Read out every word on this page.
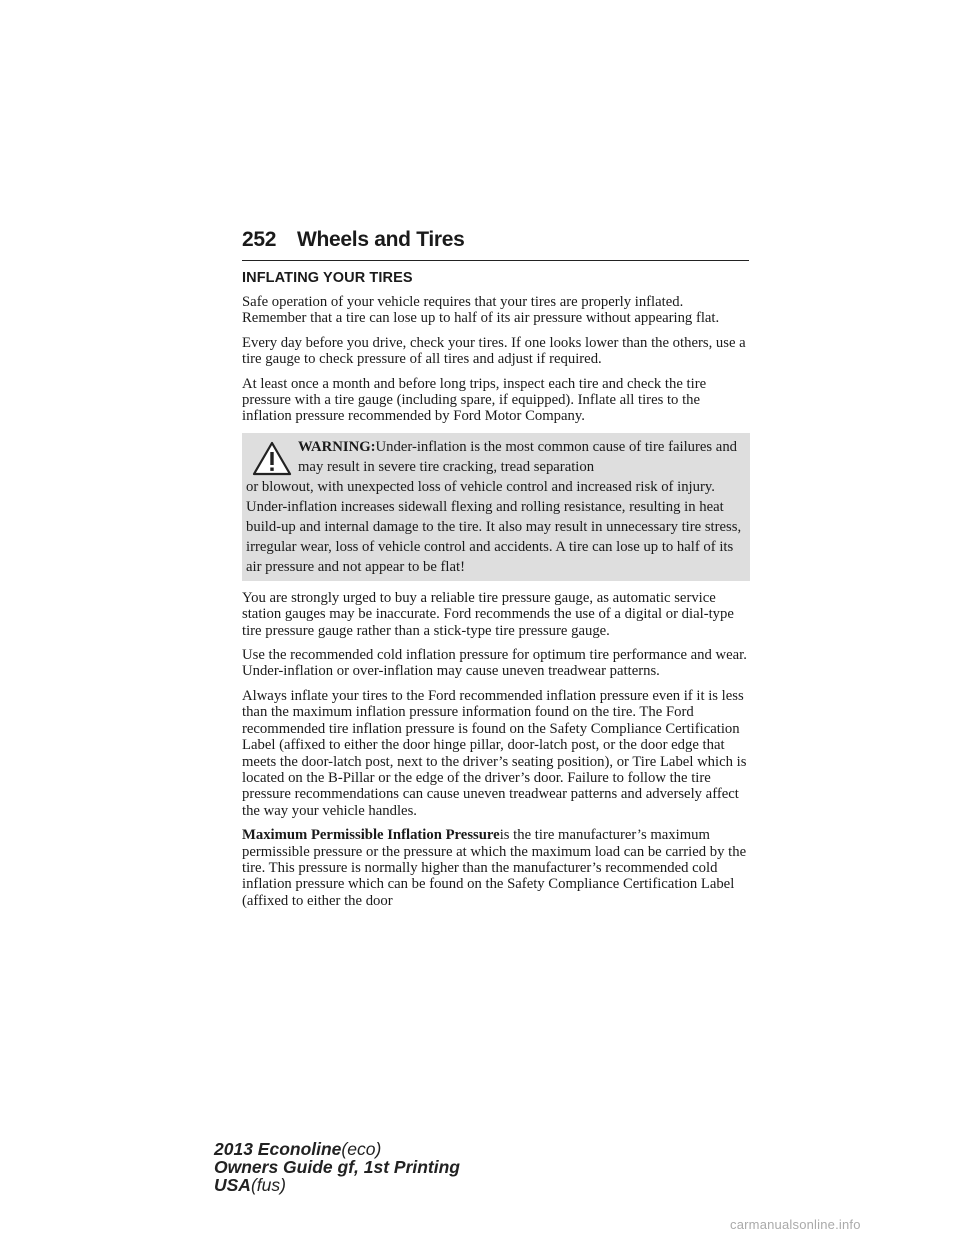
252 Wheels and Tires
INFLATING YOUR TIRES

Safe operation of your vehicle requires that your tires are properly inflated. Remember that a tire can lose up to half of its air pressure without appearing flat.

Every day before you drive, check your tires. If one looks lower than the others, use a tire gauge to check pressure of all tires and adjust if required.

At least once a month and before long trips, inspect each tire and check the tire pressure with a tire gauge (including spare, if equipped). Inflate all tires to the inflation pressure recommended by Ford Motor Company.

WARNING:Under-inflation is the most common cause of tire failures and may result in severe tire cracking, tread separation
or blowout, with unexpected loss of vehicle control and increased risk of injury. Under-inflation increases sidewall flexing and rolling resistance, resulting in heat build-up and internal damage to the tire. It also may result in unnecessary tire stress, irregular wear, loss of vehicle control and accidents. A tire can lose up to half of its air pressure and not appear to be flat!

You are strongly urged to buy a reliable tire pressure gauge, as automatic service station gauges may be inaccurate. Ford recommends the use of a digital or dial-type tire pressure gauge rather than a stick-type tire pressure gauge.

Use the recommended cold inflation pressure for optimum tire performance and wear. Under-inflation or over-inflation may cause uneven treadwear patterns.

Always inflate your tires to the Ford recommended inflation pressure even if it is less than the maximum inflation pressure information found on the tire. The Ford recommended tire inflation pressure is found on the Safety Compliance Certification Label (affixed to either the door hinge pillar, door-latch post, or the door edge that meets the door-latch post, next to the driver’s seating position), or Tire Label which is located on the B-Pillar or the edge of the driver’s door. Failure to follow the tire pressure recommendations can cause uneven treadwear patterns and adversely affect the way your vehicle handles.

Maximum Permissible Inflation Pressureis the tire manufacturer’s maximum permissible pressure or the pressure at which the maximum load can be carried by the tire. This pressure is normally higher than the manufacturer’s recommended cold inflation pressure which can be found on the Safety Compliance Certification Label (affixed to either the door

2013 Econoline(eco)
Owners Guide gf, 1st Printing
USA(fus)
carmanualsonline.info
